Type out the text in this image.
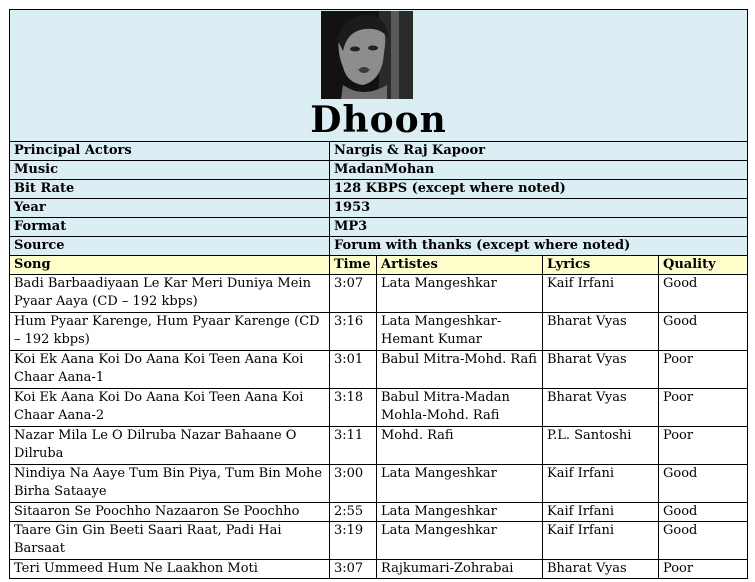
Dhoon				

Principal Actors	Nargis & Raj Kapoor			
Music	MadanMohan			
Bit Rate	128 KBPS (except where noted)			
Year	1953			
Format	MP3			
Source	Forum with thanks (except where noted)			
Song	Time	Artistes	Lyrics	Quality
Badi Barbaadiyaan Le Kar Meri Duniya Mein Pyaar Aaya (CD – 192 kbps)	3:07	Lata Mangeshkar	Kaif Irfani	Good
Hum Pyaar Karenge, Hum Pyaar Karenge (CD – 192 kbps)	3:16	Lata Mangeshkar-Hemant Kumar	Bharat Vyas	Good
Koi Ek Aana Koi Do Aana Koi Teen Aana Koi Chaar Aana-1	3:01	Babul Mitra-Mohd. Rafi	Bharat Vyas	Poor
Koi Ek Aana Koi Do Aana Koi Teen Aana Koi Chaar Aana-2	3:18	Babul Mitra-Madan Mohla-Mohd. Rafi	Bharat Vyas	Poor
Nazar Mila Le O Dilruba Nazar Bahaane O Dilruba	3:11	Mohd. Rafi	P.L. Santoshi	Poor
Nindiya Na Aaye Tum Bin Piya, Tum Bin Mohe Birha Sataaye	3:00	Lata Mangeshkar	Kaif Irfani	Good
Sitaaron Se Poochho Nazaaron Se Poochho	2:55	Lata Mangeshkar	Kaif Irfani	Good
Taare Gin Gin Beeti Saari Raat, Padi Hai Barsaat	3:19	Lata Mangeshkar	Kaif Irfani	Good
Teri Ummeed Hum Ne Laakhon Moti	3:07	Rajkumari-Zohrabai	Bharat Vyas	Poor
